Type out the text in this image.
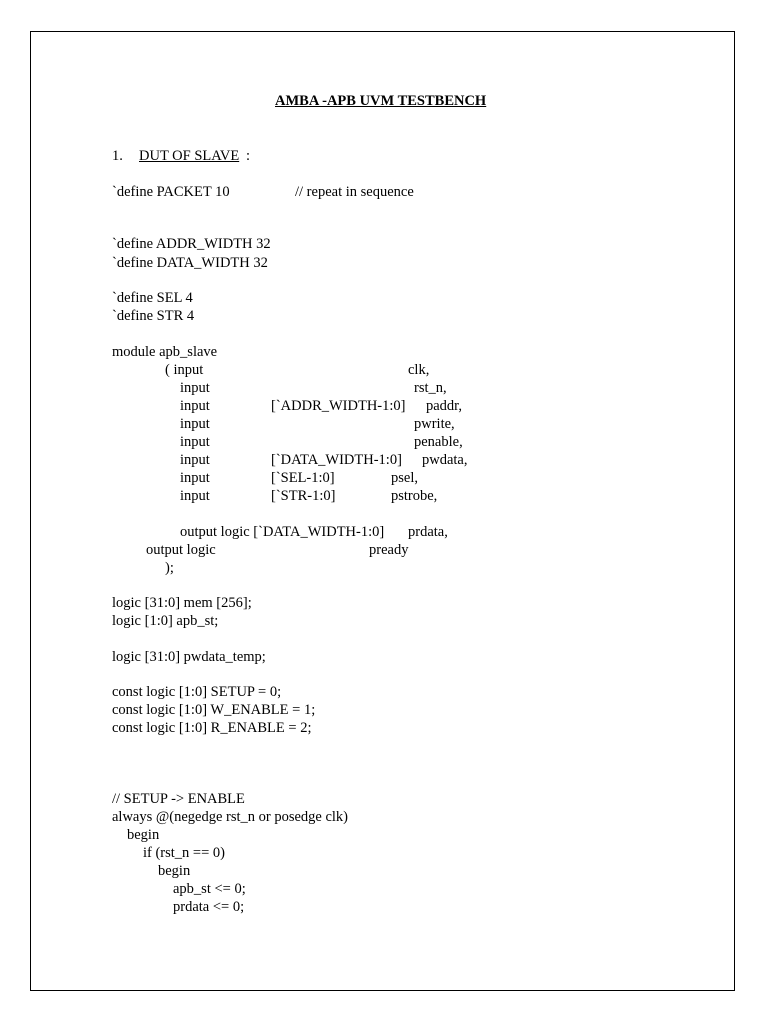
AMBA -APB UVM TESTBENCH
1. DUT OF SLAVE :
`define PACKET 10	// repeat in sequence
`define ADDR_WIDTH 32
`define DATA_WIDTH 32
`define SEL 4
`define STR 4
module apb_slave
( input	clk,
input	rst_n,
input	[`ADDR_WIDTH-1:0] paddr,
input	pwrite,
input	penable,
input	[`DATA_WIDTH-1:0] pwdata,
input	[`SEL-1:0]	psel,
input	[`STR-1:0]	pstrobe,
output logic [`DATA_WIDTH-1:0] prdata,
output logic	pready
);
logic [31:0] mem [256];
logic [1:0] apb_st;
logic [31:0] pwdata_temp;
const logic [1:0] SETUP = 0;
const logic [1:0] W_ENABLE = 1;
const logic [1:0] R_ENABLE = 2;
// SETUP -> ENABLE
always @(negedge rst_n or posedge clk)
begin
if (rst_n == 0)
begin
apb_st <= 0;
prdata <= 0;
